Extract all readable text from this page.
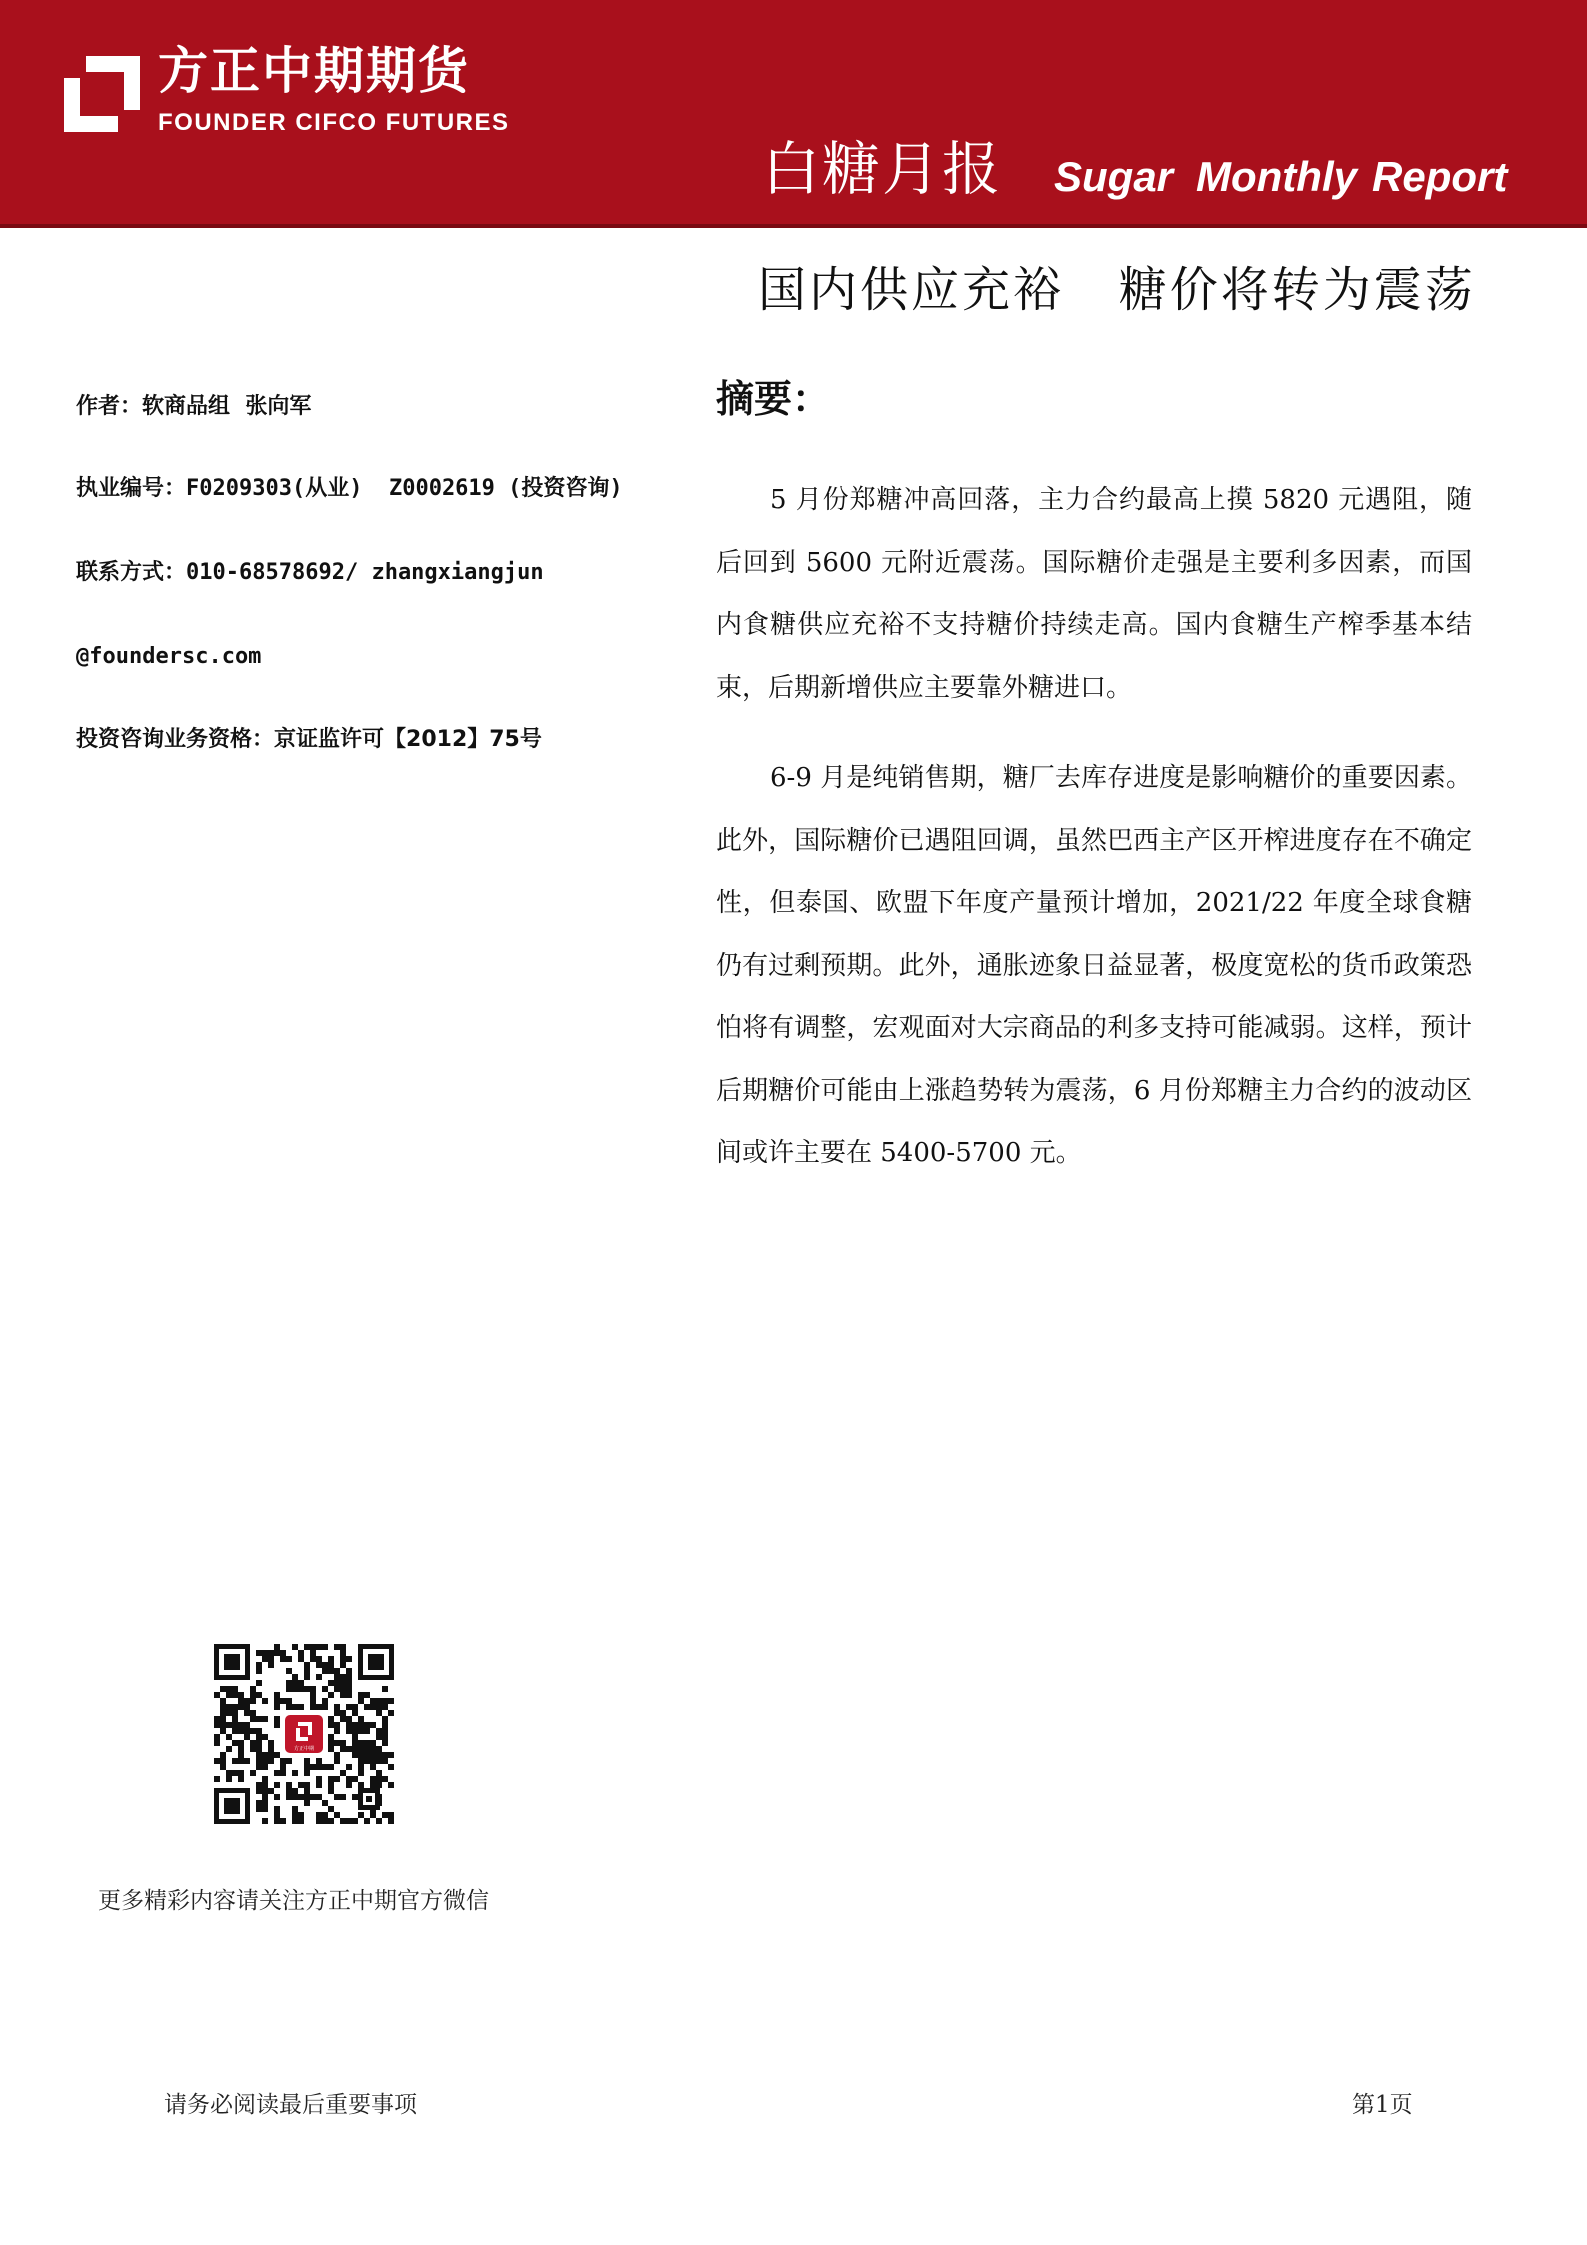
方正中期期货
FOUNDER CIFCO FUTURES
白糖月报 Sugar Monthly Report
国内供应充裕   糖价将转为震荡
作者：软商品组  张向军
执业编号：F0209303(从业)  Z0002619 (投资咨询)
联系方式：010-68578692/ zhangxiangjun
@foundersc.com
投资咨询业务资格：京证监许可【2012】75号
摘要：

5 月份郑糖冲高回落，主力合约最高上摸 5820 元遇阻，随后回到 5600 元附近震荡。国际糖价走强是主要利多因素，而国内食糖供应充裕不支持糖价持续走高。国内食糖生产榨季基本结束，后期新增供应主要靠外糖进口。

6-9 月是纯销售期，糖厂去库存进度是影响糖价的重要因素。此外，国际糖价已遇阻回调，虽然巴西主产区开榨进度存在不确定性，但泰国、欧盟下年度产量预计增加，2021/22 年度全球食糖仍有过剩预期。此外，通胀迹象日益显著，极度宽松的货币政策恐怕将有调整，宏观面对大宗商品的利多支持可能减弱。这样，预计后期糖价可能由上涨趋势转为震荡，6 月份郑糖主力合约的波动区间或许主要在 5400-5700 元。

方正中期
更多精彩内容请关注方正中期官方微信
请务必阅读最后重要事项	第1页
